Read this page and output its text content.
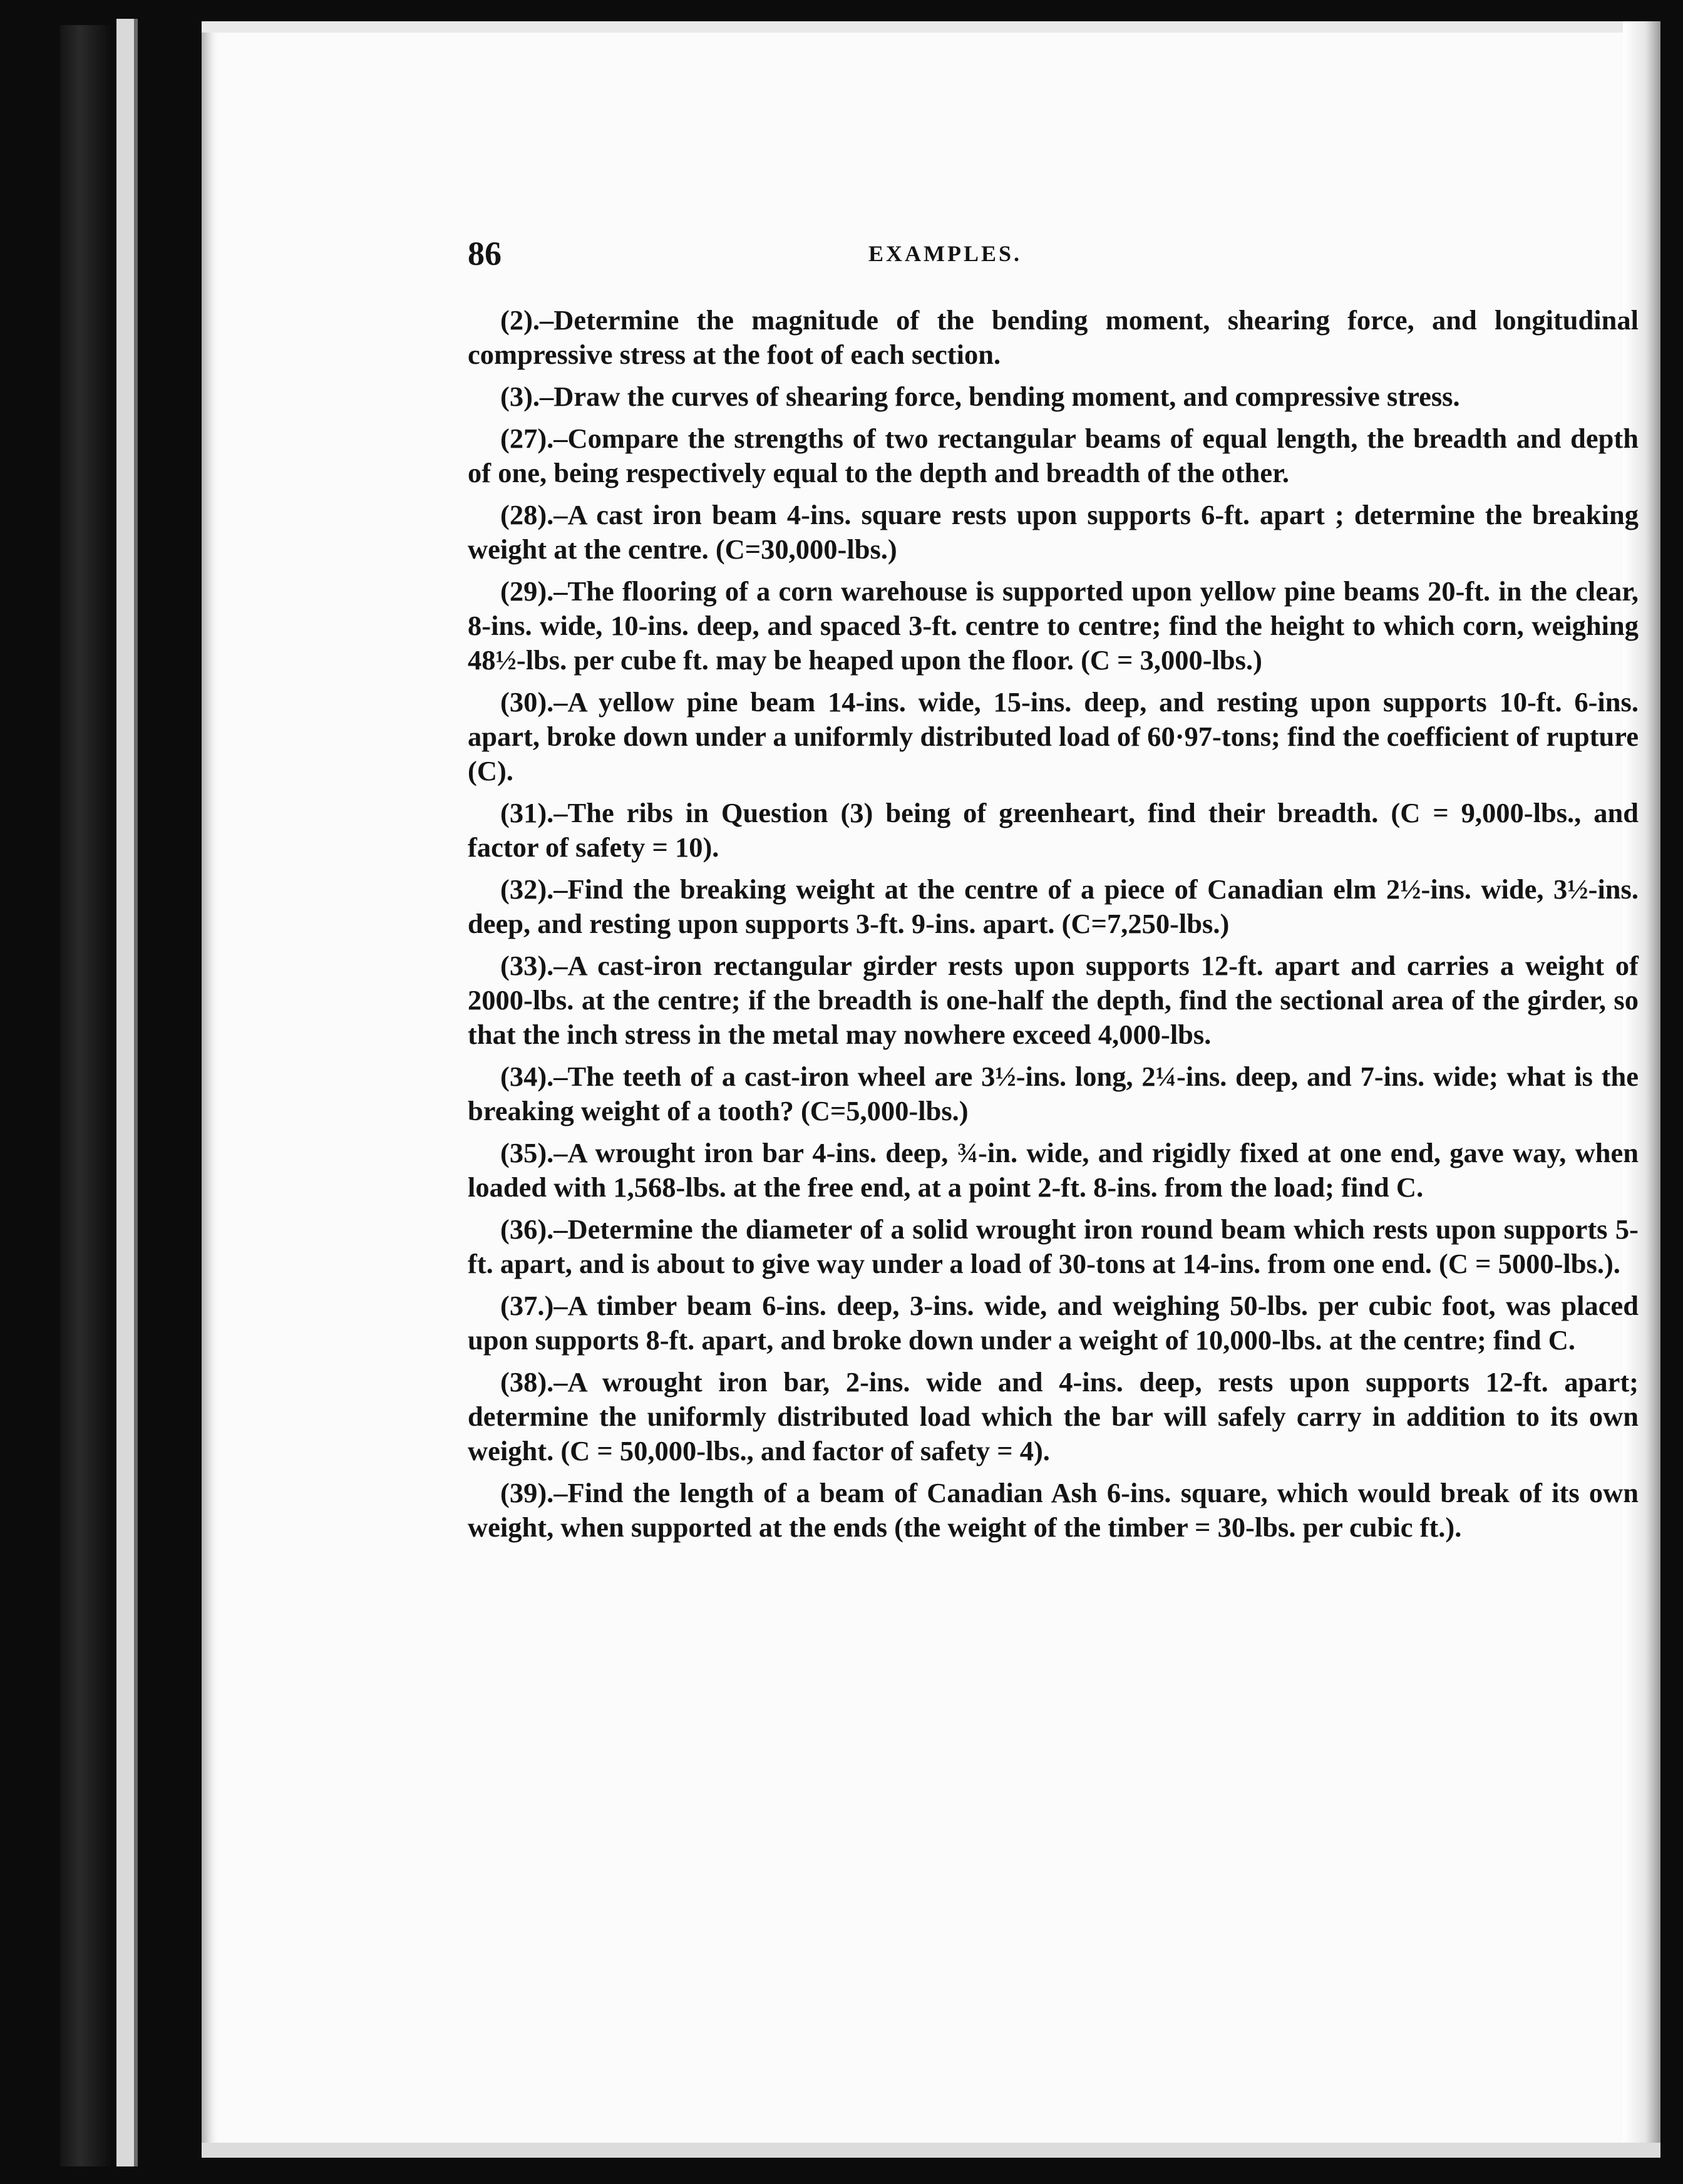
86	EXAMPLES.

(2).–Determine the magnitude of the bending moment, shearing force, and longitudinal compressive stress at the foot of each section.

(3).–Draw the curves of shearing force, bending moment, and compressive stress.

(27).–Compare the strengths of two rectangular beams of equal length, the breadth and depth of one, being respectively equal to the depth and breadth of the other.

(28).–A cast iron beam 4-ins. square rests upon supports 6-ft. apart ; determine the breaking weight at the centre. (C=30,000-lbs.)

(29).–The flooring of a corn warehouse is supported upon yellow pine beams 20-ft. in the clear, 8-ins. wide, 10-ins. deep, and spaced 3-ft. centre to centre; find the height to which corn, weighing 48½-lbs. per cube ft. may be heaped upon the floor. (C = 3,000-lbs.)

(30).–A yellow pine beam 14-ins. wide, 15-ins. deep, and resting upon supports 10-ft. 6-ins. apart, broke down under a uniformly distributed load of 60·97-tons; find the coefficient of rupture (C).

(31).–The ribs in Question (3) being of greenheart, find their breadth. (C = 9,000-lbs., and factor of safety = 10).

(32).–Find the breaking weight at the centre of a piece of Canadian elm 2½-ins. wide, 3½-ins. deep, and resting upon supports 3-ft. 9-ins. apart. (C=7,250-lbs.)

(33).–A cast-iron rectangular girder rests upon supports 12-ft. apart and carries a weight of 2000-lbs. at the centre; if the breadth is one-half the depth, find the sectional area of the girder, so that the inch stress in the metal may nowhere exceed 4,000-lbs.

(34).–The teeth of a cast-iron wheel are 3½-ins. long, 2¼-ins. deep, and 7-ins. wide; what is the breaking weight of a tooth? (C=5,000-lbs.)

(35).–A wrought iron bar 4-ins. deep, ¾-in. wide, and rigidly fixed at one end, gave way, when loaded with 1,568-lbs. at the free end, at a point 2-ft. 8-ins. from the load; find C.

(36).–Determine the diameter of a solid wrought iron round beam which rests upon supports 5-ft. apart, and is about to give way under a load of 30-tons at 14-ins. from one end. (C = 5000-lbs.).

(37.)–A timber beam 6-ins. deep, 3-ins. wide, and weighing 50-lbs. per cubic foot, was placed upon supports 8-ft. apart, and broke down under a weight of 10,000-lbs. at the centre; find C.

(38).–A wrought iron bar, 2-ins. wide and 4-ins. deep, rests upon supports 12-ft. apart; determine the uniformly distributed load which the bar will safely carry in addition to its own weight. (C = 50,000-lbs., and factor of safety = 4).

(39).–Find the length of a beam of Canadian Ash 6-ins. square, which would break of its own weight, when supported at the ends (the weight of the timber = 30-lbs. per cubic ft.).
